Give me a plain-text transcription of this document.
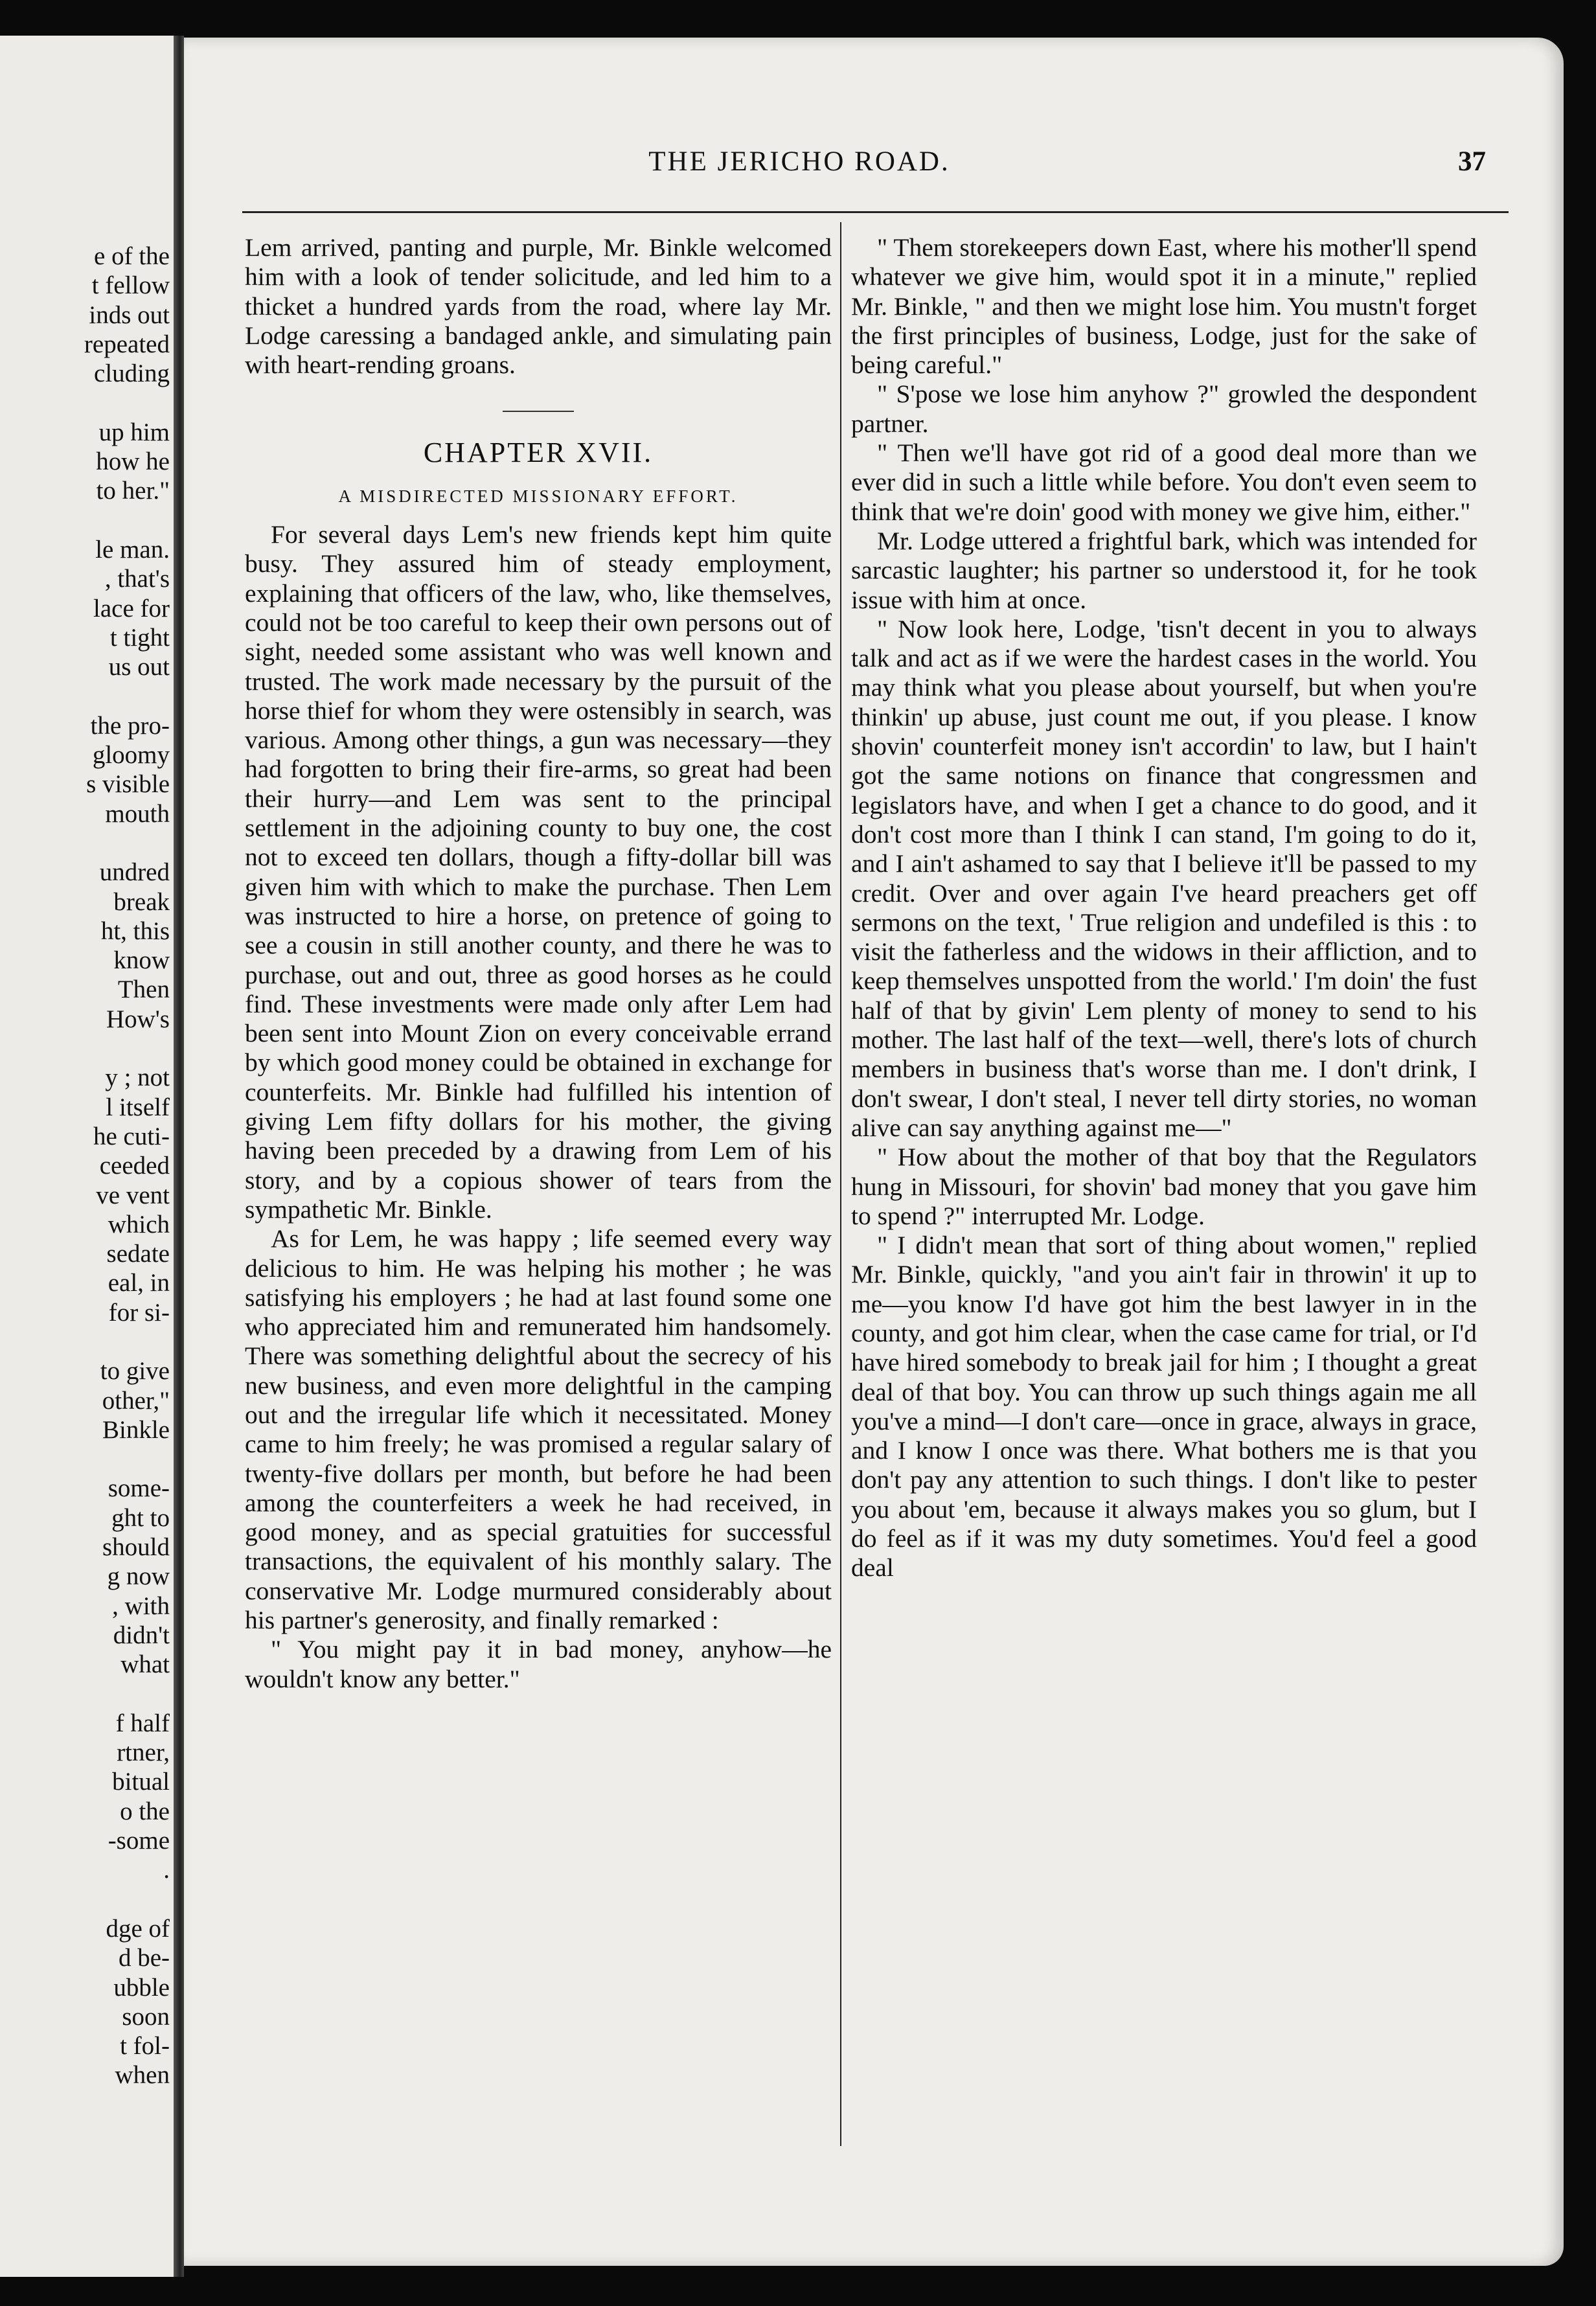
e of the
t fellow
inds out
repeated
cluding

up him
how he
to her."

le man.
, that's
lace for
t tight
us out

the pro-
gloomy
s visible
mouth

undred
break
ht, this
know
Then
How's

y ; not
l itself
he cuti-
ceeded
ve vent
which
sedate
eal, in
for si-

to give
other,"
Binkle

some-
ght to
should
g now
, with
didn't
what

f half
rtner,
bitual
o the
-some
.

dge of
d be-
ubble
soon
t fol-
when
THE JERICHO ROAD.	37

Lem arrived, panting and purple, Mr. Binkle welcomed him with a look of tender solicitude, and led him to a thicket a hundred yards from the road, where lay Mr. Lodge caressing a bandaged ankle, and simulating pain with heart-rending groans.

CHAPTER XVII.
A MISDIRECTED MISSIONARY EFFORT.

For several days Lem's new friends kept him quite busy. They assured him of steady employment, explaining that officers of the law, who, like themselves, could not be too careful to keep their own persons out of sight, needed some assistant who was well known and trusted. The work made necessary by the pursuit of the horse thief for whom they were ostensibly in search, was various. Among other things, a gun was necessary—they had forgotten to bring their fire-arms, so great had been their hurry—and Lem was sent to the principal settlement in the adjoining county to buy one, the cost not to exceed ten dollars, though a fifty-dollar bill was given him with which to make the purchase. Then Lem was instructed to hire a horse, on pretence of going to see a cousin in still another county, and there he was to purchase, out and out, three as good horses as he could find. These investments were made only after Lem had been sent into Mount Zion on every conceivable errand by which good money could be obtained in exchange for counterfeits. Mr. Binkle had fulfilled his intention of giving Lem fifty dollars for his mother, the giving having been preceded by a drawing from Lem of his story, and by a copious shower of tears from the sympathetic Mr. Binkle.

As for Lem, he was happy ; life seemed every way delicious to him. He was helping his mother ; he was satisfying his employers ; he had at last found some one who appreciated him and remunerated him handsomely. There was something delightful about the secrecy of his new business, and even more delightful in the camping out and the irregular life which it necessitated. Money came to him freely; he was promised a regular salary of twenty-five dollars per month, but before he had been among the counterfeiters a week he had received, in good money, and as special gratuities for successful transactions, the equivalent of his monthly salary. The conservative Mr. Lodge murmured considerably about his partner's generosity, and finally remarked :

" You might pay it in bad money, anyhow—he wouldn't know any better."

" Them storekeepers down East, where his mother'll spend whatever we give him, would spot it in a minute," replied Mr. Binkle, " and then we might lose him. You mustn't forget the first principles of business, Lodge, just for the sake of being careful."

" S'pose we lose him anyhow ?" growled the despondent partner.

" Then we'll have got rid of a good deal more than we ever did in such a little while before. You don't even seem to think that we're doin' good with money we give him, either."

Mr. Lodge uttered a frightful bark, which was intended for sarcastic laughter; his partner so understood it, for he took issue with him at once.

" Now look here, Lodge, 'tisn't decent in you to always talk and act as if we were the hardest cases in the world. You may think what you please about yourself, but when you're thinkin' up abuse, just count me out, if you please. I know shovin' counterfeit money isn't accordin' to law, but I hain't got the same notions on finance that congressmen and legislators have, and when I get a chance to do good, and it don't cost more than I think I can stand, I'm going to do it, and I ain't ashamed to say that I believe it'll be passed to my credit. Over and over again I've heard preachers get off sermons on the text, ' True religion and undefiled is this : to visit the fatherless and the widows in their affliction, and to keep themselves unspotted from the world.' I'm doin' the fust half of that by givin' Lem plenty of money to send to his mother. The last half of the text—well, there's lots of church members in business that's worse than me. I don't drink, I don't swear, I don't steal, I never tell dirty stories, no woman alive can say anything against me—"

" How about the mother of that boy that the Regulators hung in Missouri, for shovin' bad money that you gave him to spend ?" interrupted Mr. Lodge.

" I didn't mean that sort of thing about women," replied Mr. Binkle, quickly, "and you ain't fair in throwin' it up to me—you know I'd have got him the best lawyer in in the county, and got him clear, when the case came for trial, or I'd have hired somebody to break jail for him ; I thought a great deal of that boy. You can throw up such things again me all you've a mind—I don't care—once in grace, always in grace, and I know I once was there. What bothers me is that you don't pay any attention to such things. I don't like to pester you about 'em, because it always makes you so glum, but I do feel as if it was my duty sometimes. You'd feel a good deal
